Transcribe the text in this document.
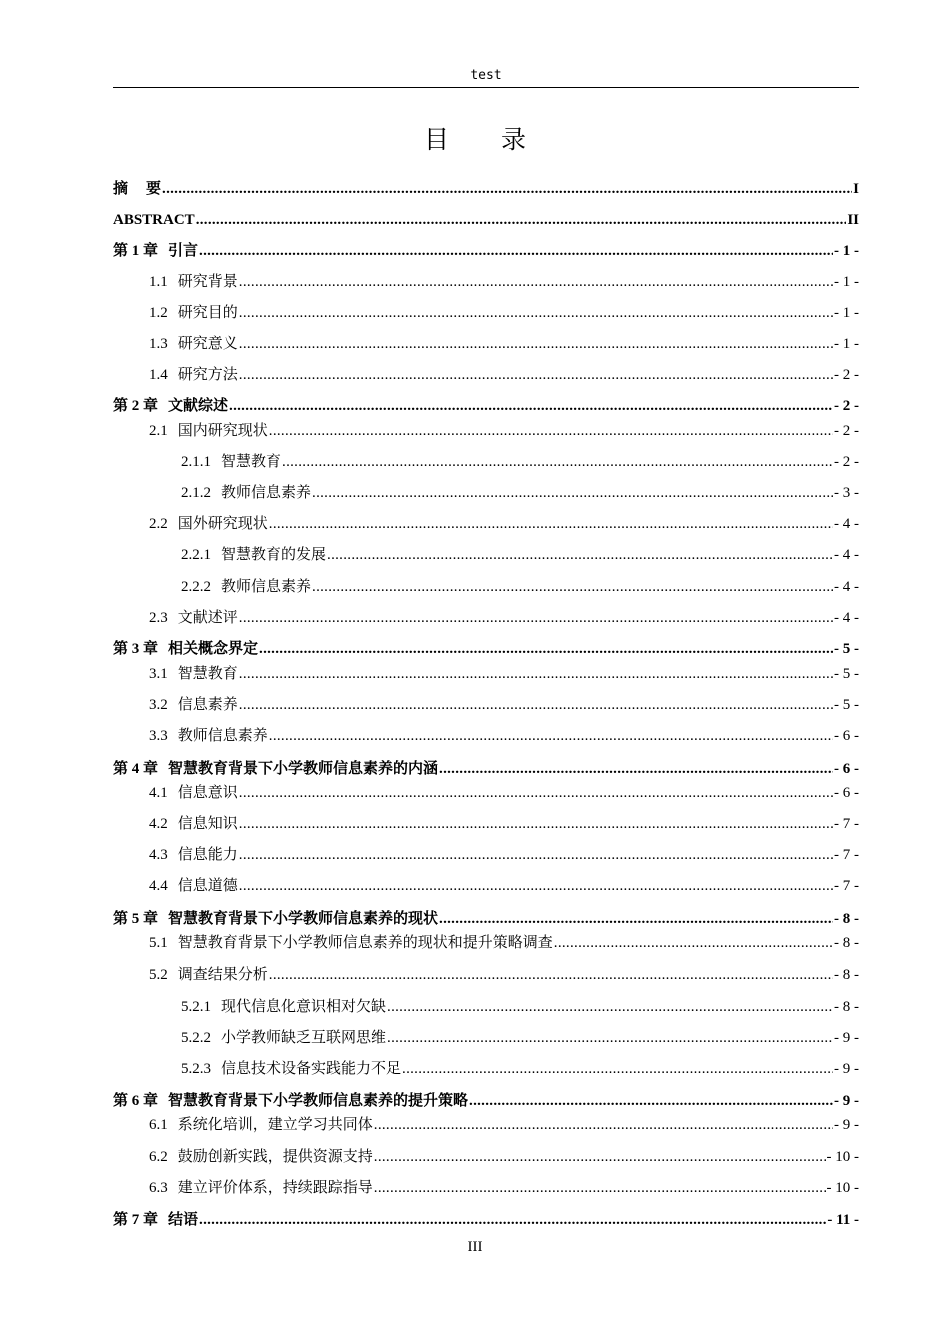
test
目 录
摘 要 .....	I
ABSTRACT .....	II
第 1 章 引言 .....	- 1 -
1.1 研究背景 .....	- 1 -
1.2 研究目的 .....	- 1 -
1.3 研究意义 .....	- 1 -
1.4 研究方法 .....	- 2 -
第 2 章 文献综述 .....	- 2 -
2.1 国内研究现状 .....	- 2 -
2.1.1 智慧教育 .....	- 2 -
2.1.2 教师信息素养 .....	- 3 -
2.2 国外研究现状 .....	- 4 -
2.2.1 智慧教育的发展 .....	- 4 -
2.2.2 教师信息素养 .....	- 4 -
2.3 文献述评 .....	- 4 -
第 3 章 相关概念界定 .....	- 5 -
3.1 智慧教育 .....	- 5 -
3.2 信息素养 .....	- 5 -
3.3 教师信息素养 .....	- 6 -
第 4 章 智慧教育背景下小学教师信息素养的内涵 .....	- 6 -
4.1 信息意识 .....	- 6 -
4.2 信息知识 .....	- 7 -
4.3 信息能力 .....	- 7 -
4.4 信息道德 .....	- 7 -
第 5 章 智慧教育背景下小学教师信息素养的现状 .....	- 8 -
5.1 智慧教育背景下小学教师信息素养的现状和提升策略调查 .....	- 8 -
5.2 调查结果分析 .....	- 8 -
5.2.1 现代信息化意识相对欠缺 .....	- 8 -
5.2.2 小学教师缺乏互联网思维 .....	- 9 -
5.2.3 信息技术设备实践能力不足 .....	- 9 -
第 6 章 智慧教育背景下小学教师信息素养的提升策略 .....	- 9 -
6.1 系统化培训，建立学习共同体 .....	- 9 -
6.2 鼓励创新实践，提供资源支持 .....	- 10 -
6.3 建立评价体系，持续跟踪指导 .....	- 10 -
第 7 章 结语 .....	- 11 -
III
